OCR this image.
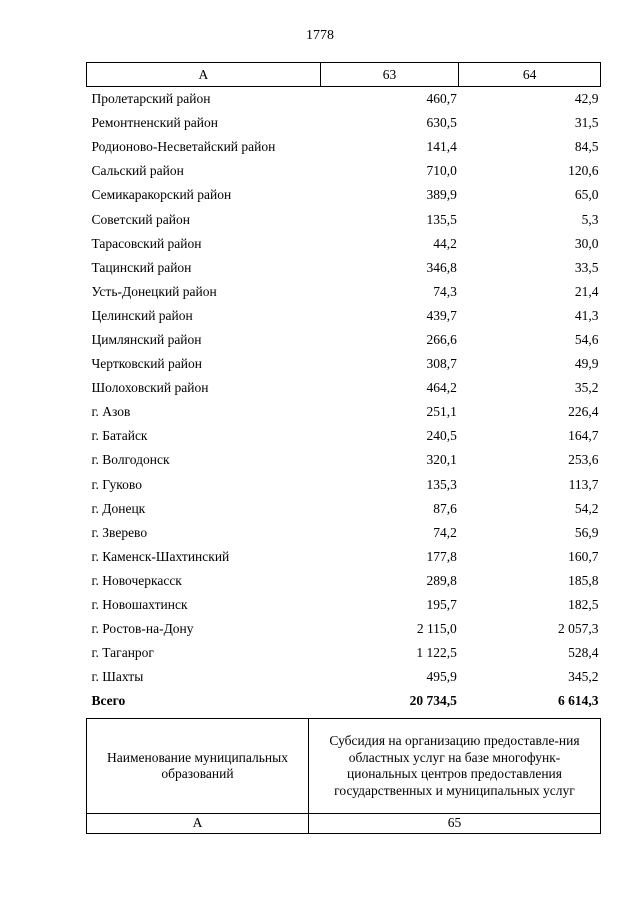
1778
А	63	64
Пролетарский район	460,7	42,9
Ремонтненский район	630,5	31,5
Родионово-Несветайский район	141,4	84,5
Сальский район	710,0	120,6
Семикаракорский район	389,9	65,0
Советский район	135,5	5,3
Тарасовский район	44,2	30,0
Тацинский район	346,8	33,5
Усть-Донецкий район	74,3	21,4
Целинский район	439,7	41,3
Цимлянский район	266,6	54,6
Чертковский район	308,7	49,9
Шолоховский район	464,2	35,2
г. Азов	251,1	226,4
г. Батайск	240,5	164,7
г. Волгодонск	320,1	253,6
г. Гуково	135,3	113,7
г. Донецк	87,6	54,2
г. Зверево	74,2	56,9
г. Каменск-Шахтинский	177,8	160,7
г. Новочеркасск	289,8	185,8
г. Новошахтинск	195,7	182,5
г. Ростов-на-Дону	2 115,0	2 057,3
г. Таганрог	1 122,5	528,4
г. Шахты	495,9	345,2
Всего	20 734,5	6 614,3
Наименование муниципальных образований	Субсидия на организацию предоставле-ния областных услуг на базе многофунк-циональных центров предоставления государственных и муниципальных услуг
А	65
